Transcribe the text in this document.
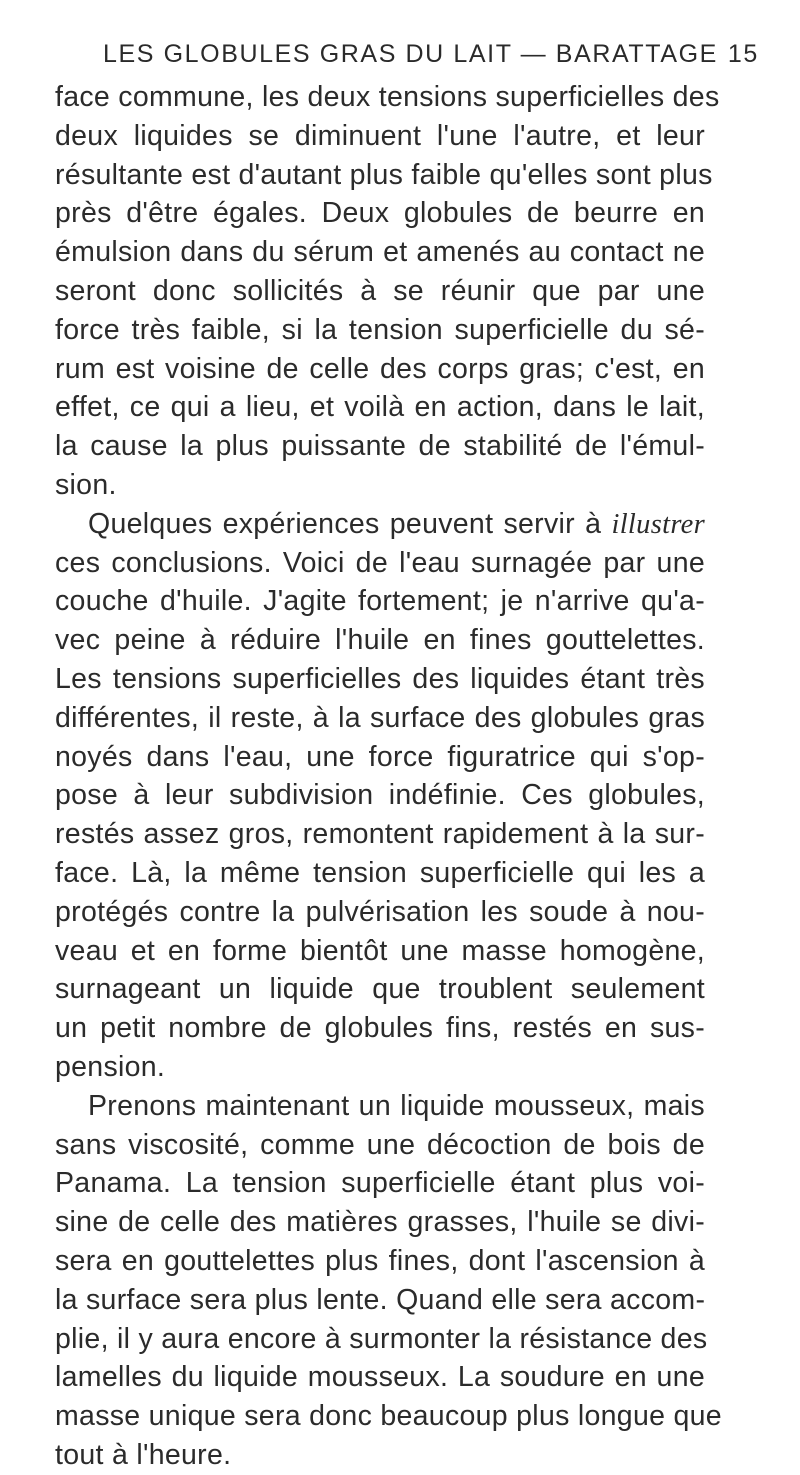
LES GLOBULES GRAS DU LAIT — BARATTAGE 15
face commune, les deux tensions superficielles des
deux liquides se diminuent l'une l'autre, et leur
résultante est d'autant plus faible qu'elles sont plus
près d'être égales. Deux globules de beurre en
émulsion dans du sérum et amenés au contact ne
seront donc sollicités à se réunir que par une
force très faible, si la tension superficielle du sé-
rum est voisine de celle des corps gras; c'est, en
effet, ce qui a lieu, et voilà en action, dans le lait,
la cause la plus puissante de stabilité de l'émul-
sion.
Quelques expériences peuvent servir à illustrer
ces conclusions. Voici de l'eau surnagée par une
couche d'huile. J'agite fortement; je n'arrive qu'a-
vec peine à réduire l'huile en fines gouttelettes.
Les tensions superficielles des liquides étant très
différentes, il reste, à la surface des globules gras
noyés dans l'eau, une force figuratrice qui s'op-
pose à leur subdivision indéfinie. Ces globules,
restés assez gros, remontent rapidement à la sur-
face. Là, la même tension superficielle qui les a
protégés contre la pulvérisation les soude à nou-
veau et en forme bientôt une masse homogène,
surnageant un liquide que troublent seulement
un petit nombre de globules fins, restés en sus-
pension.
Prenons maintenant un liquide mousseux, mais
sans viscosité, comme une décoction de bois de
Panama. La tension superficielle étant plus voi-
sine de celle des matières grasses, l'huile se divi-
sera en gouttelettes plus fines, dont l'ascension à
la surface sera plus lente. Quand elle sera accom-
plie, il y aura encore à surmonter la résistance des
lamelles du liquide mousseux. La soudure en une
masse unique sera donc beaucoup plus longue que
tout à l'heure.
